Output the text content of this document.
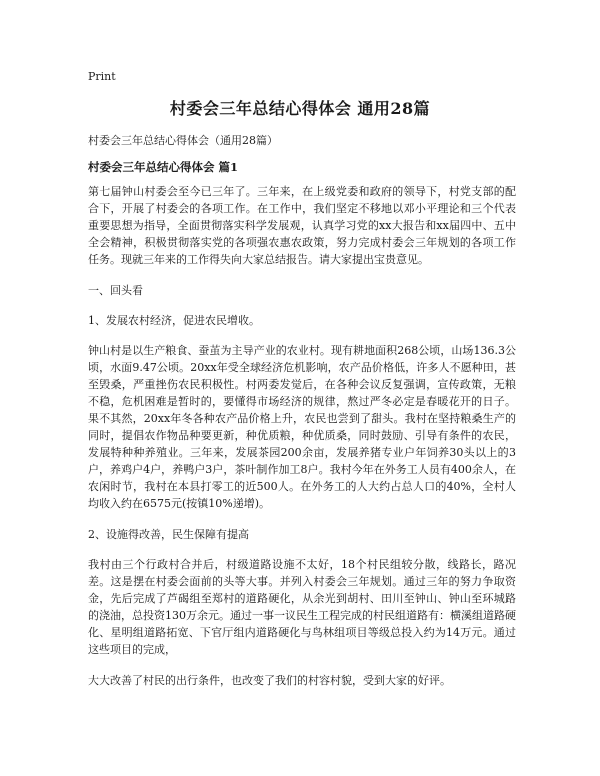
Print
村委会三年总结心得体会 通用28篇
村委会三年总结心得体会（通用28篇）
村委会三年总结心得体会 篇1

第七届钟山村委会至今已三年了。三年来，在上级党委和政府的领导下，村党支部的配合下，开展了村委会的各项工作。在工作中，我们坚定不移地以邓小平理论和三个代表重要思想为指导，全面贯彻落实科学发展观，认真学习党的xx大报告和xx届四中、五中全会精神，积极贯彻落实党的各项强农惠农政策，努力完成村委会三年规划的各项工作任务。现就三年来的工作得失向大家总结报告。请大家提出宝贵意见。

一、回头看

1、发展农村经济，促进农民增收。

钟山村是以生产粮食、蚕茧为主导产业的农业村。现有耕地面积268公顷，山场136.3公顷，水面9.47公顷。20xx年受全球经济危机影响，农产品价格低，许多人不愿种田，甚至毁桑，严重挫伤农民积极性。村两委发觉后，在各种会议反复强调，宣传政策，无粮不稳，危机困难是暂时的，要懂得市场经济的规律，熬过严冬必定是春暖花开的日子。果不其然，20xx年冬各种农产品价格上升，农民也尝到了甜头。我村在坚持粮桑生产的同时，提倡农作物品种要更新，种优质粮，种优质桑，同时鼓励、引导有条件的农民，发展特种种养殖业。三年来，发展茶园200余亩，发展养猪专业户年饲养30头以上的3户，养鸡户4户，养鸭户3户，茶叶制作加工8户。我村今年在外务工人员有400余人，在农闲时节，我村在本县打零工的近500人。在外务工的人大约占总人口的40%，全村人均收入约在6575元(按镇10%递增)。

2、设施得改善，民生保障有提高

我村由三个行政村合并后，村级道路设施不太好，18个村民组较分散，线路长，路况差。这是摆在村委会面前的头等大事。并列入村委会三年规划。通过三年的努力争取资金，先后完成了芦碣组至郑村的道路硬化，从余光到胡村、田川至钟山、钟山至环城路的浇油，总投资130万余元。通过一事一议民生工程完成的村民组道路有：横溪组道路硬化、星明组道路拓宽、下官厅组内道路硬化与鸟林组项目等级总投入约为14万元。通过这些项目的完成，

大大改善了村民的出行条件，也改变了我们的村容村貌，受到大家的好评。
